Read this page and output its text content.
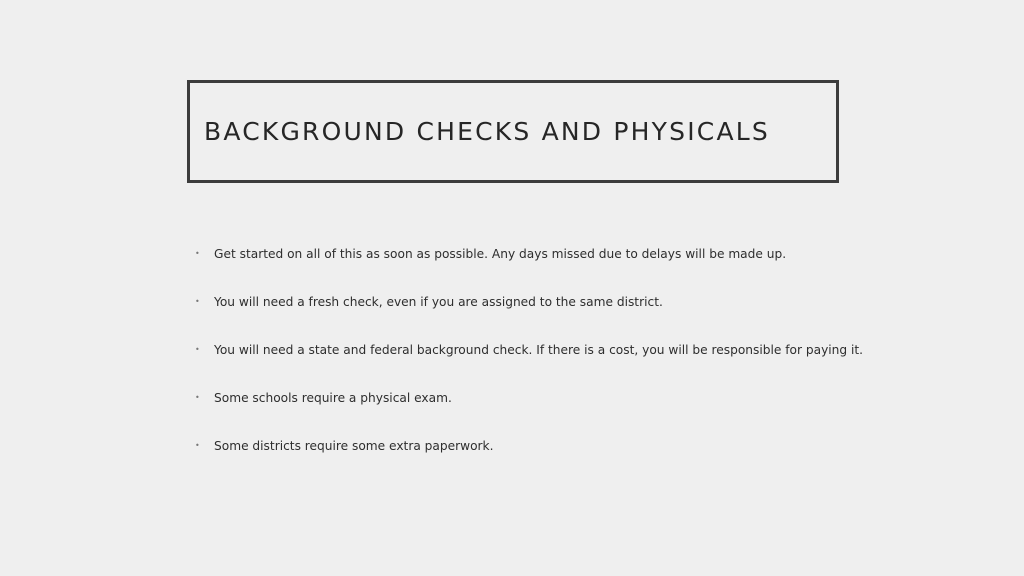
BACKGROUND CHECKS AND PHYSICALS
•	Get started on all of this as soon as possible. Any days missed due to delays will be made up.
•	You will need a fresh check, even if you are assigned to the same district.
•	You will need a state and federal background check. If there is a cost, you will be responsible for paying it.
•	Some schools require a physical exam.
•	Some districts require some extra paperwork.
